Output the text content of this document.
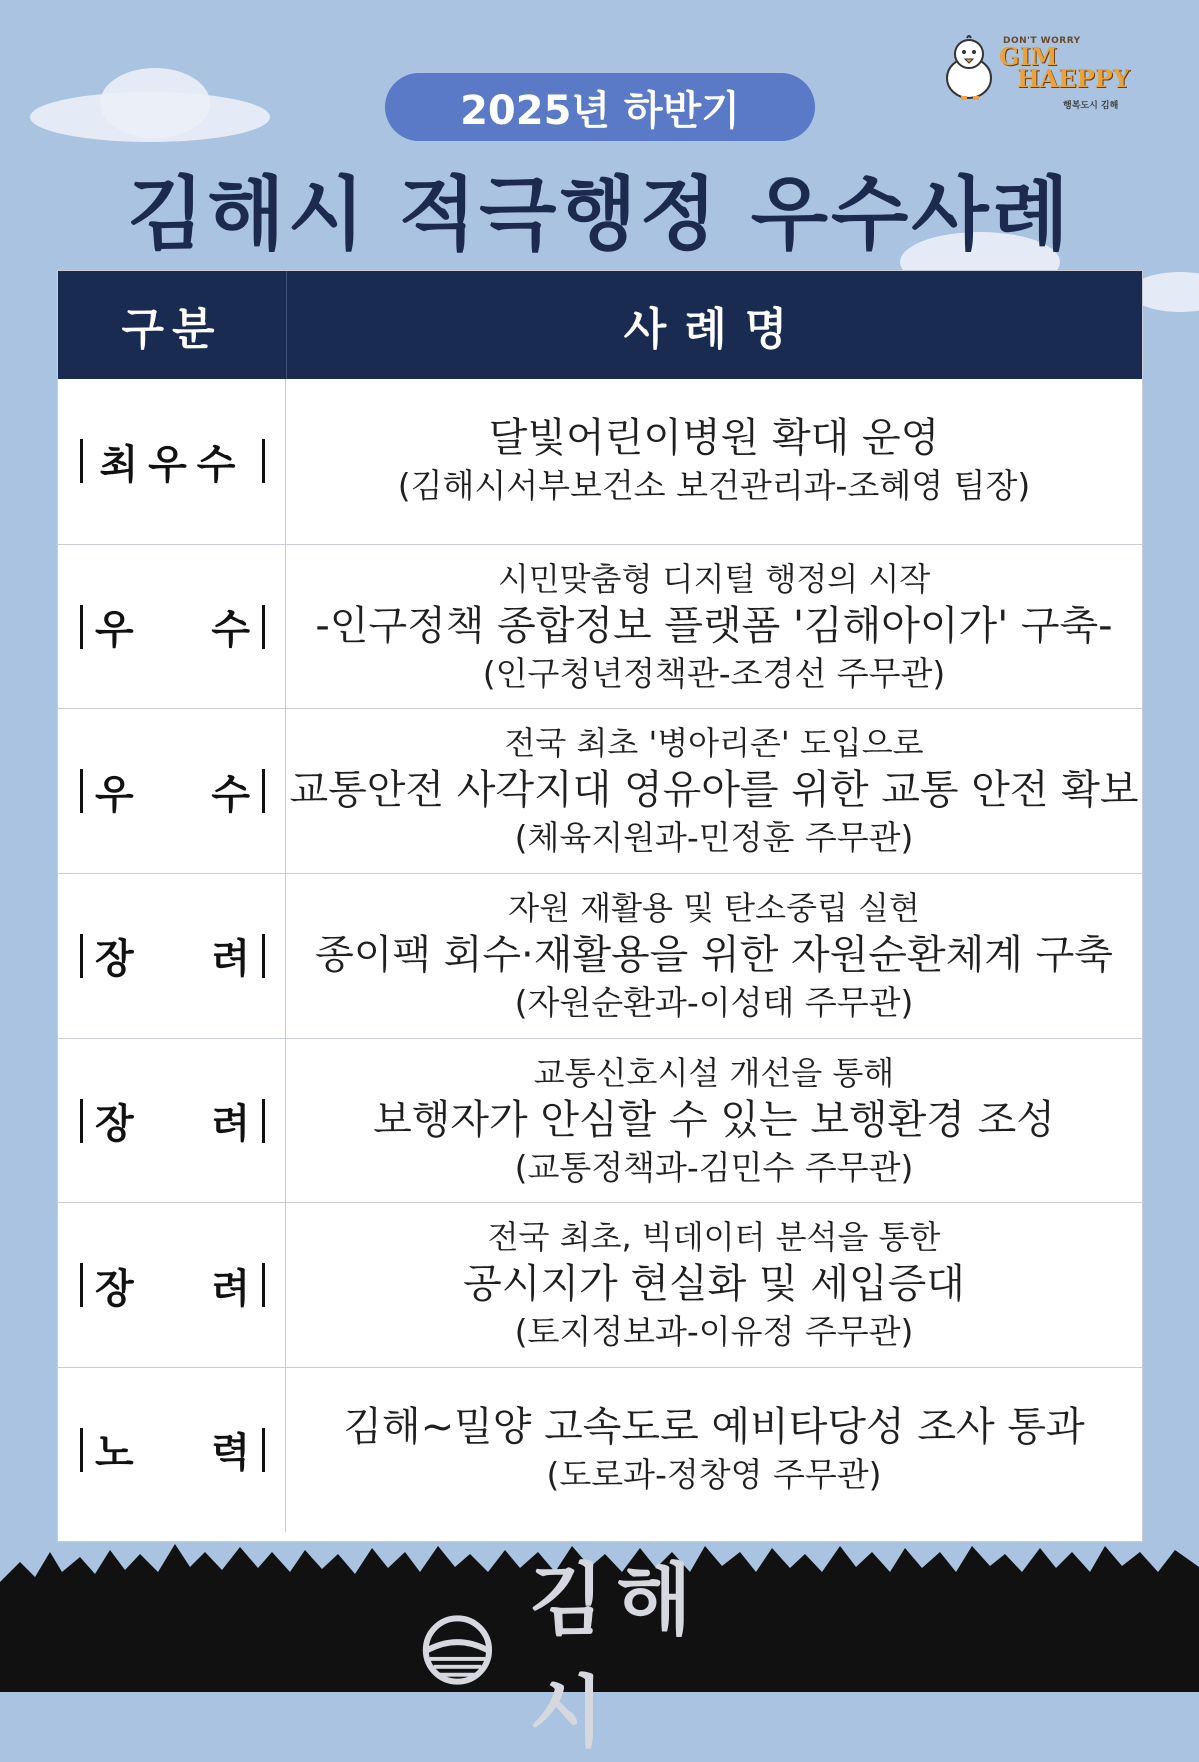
DON'T WORRY
GIM
HAEPPY
행복도시 김해
2025년 하반기
김해시 적극행정 우수사례
구분	사례명
최우수
달빛어린이병원 확대 운영
(김해시서부보건소 보건관리과-조혜영 팀장)
우 수
시민맞춤형 디지털 행정의 시작
-인구정책 종합정보 플랫폼 '김해아이가' 구축-
(인구청년정책관-조경선 주무관)
우 수
전국 최초 '병아리존' 도입으로
교통안전 사각지대 영유아를 위한 교통 안전 확보
(체육지원과-민정훈 주무관)
장 려
자원 재활용 및 탄소중립 실현
종이팩 회수·재활용을 위한 자원순환체계 구축
(자원순환과-이성태 주무관)
장 려
교통신호시설 개선을 통해
보행자가 안심할 수 있는 보행환경 조성
(교통정책과-김민수 주무관)
장 려
전국 최초, 빅데이터 분석을 통한
공시지가 현실화 및 세입증대
(토지정보과-이유정 주무관)
노 력
김해~밀양 고속도로 예비타당성 조사 통과
(도로과-정창영 주무관)
김해시
